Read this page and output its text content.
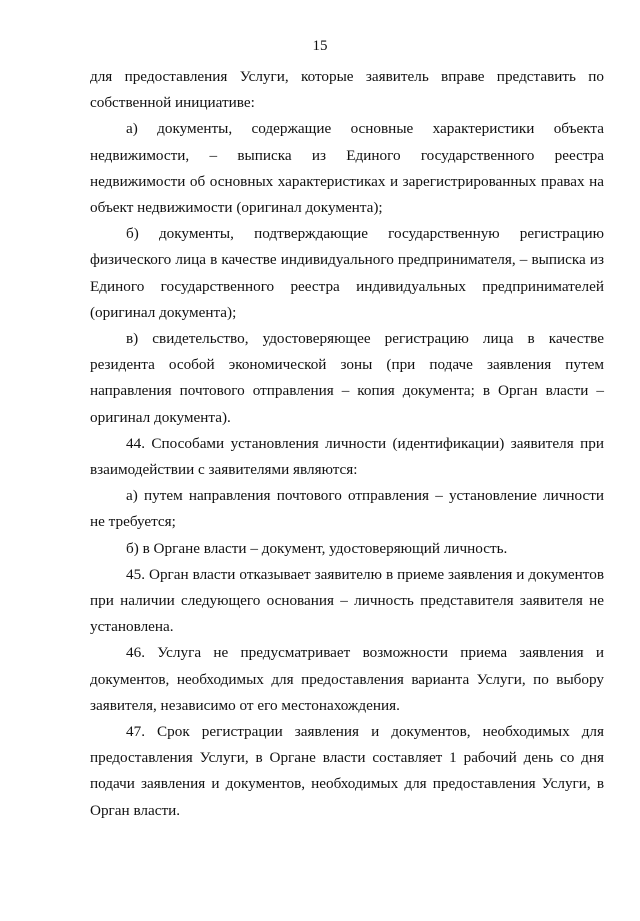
15

для предоставления Услуги, которые заявитель вправе представить по собственной инициативе:

а) документы, содержащие основные характеристики объекта недвижимости, – выписка из Единого государственного реестра недвижимости об основных характеристиках и зарегистрированных правах на объект недвижимости (оригинал документа);

б) документы, подтверждающие государственную регистрацию физического лица в качестве индивидуального предпринимателя, – выписка из Единого государственного реестра индивидуальных предпринимателей (оригинал документа);

в) свидетельство, удостоверяющее регистрацию лица в качестве резидента особой экономической зоны (при подаче заявления путем направления почтового отправления – копия документа; в Орган власти – оригинал документа).

44. Способами установления личности (идентификации) заявителя при взаимодействии с заявителями являются:

а) путем направления почтового отправления – установление личности не требуется;

б) в Органе власти – документ, удостоверяющий личность.

45. Орган власти отказывает заявителю в приеме заявления и документов при наличии следующего основания – личность представителя заявителя не установлена.

46. Услуга не предусматривает возможности приема заявления и документов, необходимых для предоставления варианта Услуги, по выбору заявителя, независимо от его местонахождения.

47. Срок регистрации заявления и документов, необходимых для предоставления Услуги, в Органе власти составляет 1 рабочий день со дня подачи заявления и документов, необходимых для предоставления Услуги, в Орган власти.
